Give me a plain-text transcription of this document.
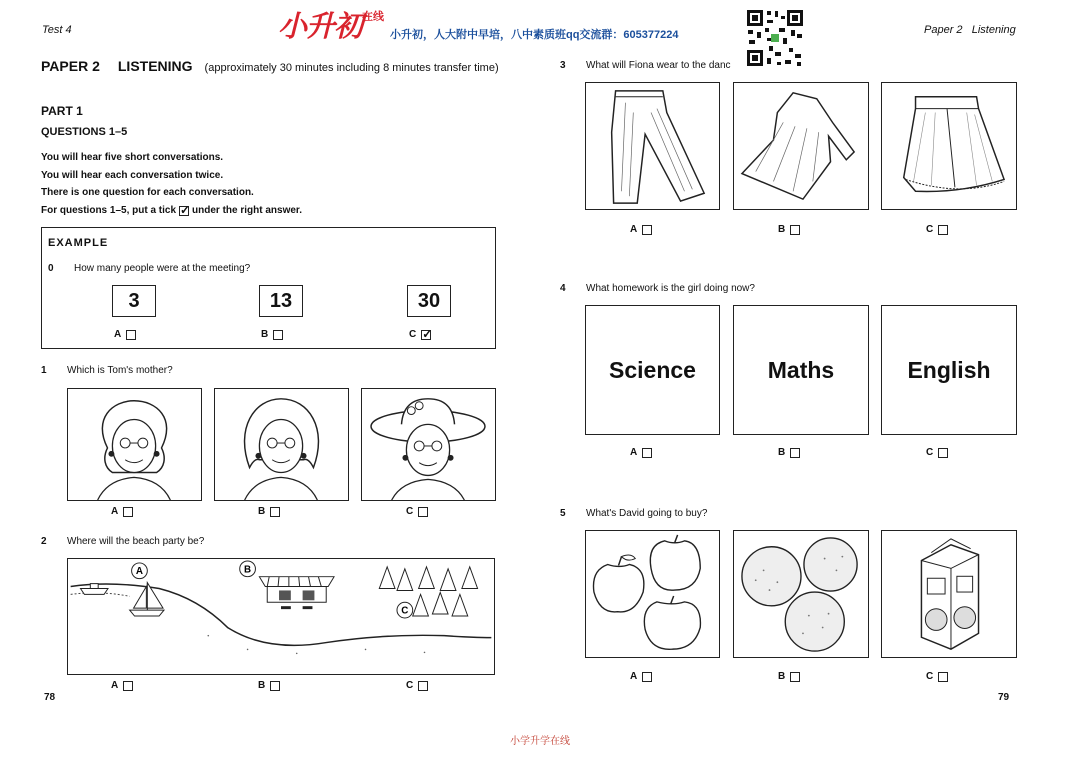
Test 4	小升初 在线
小升初，人大附中早培，八中素质班qq交流群：605377224	Paper 2 Listening
PAPER 2 LISTENING (approximately 30 minutes including 8 minutes transfer time)
PART 1
QUESTIONS 1–5
You will hear five short conversations.
You will hear each conversation twice.
There is one question for each conversation.
For questions 1–5, put a tick
✓ under the right answer.
EXAMPLE
0 How many people were at the meeting?
3	13	30
A	B	C
✓
1 Which is Tom's mother?
A	B	C
2 Where will the beach party be?
A	B
C
A	B	C
78
3 What will Fiona wear to the danc
A	B	C
4 What homework is the girl doing now?
Science	Maths	English
A	B	C
5 What's David going to buy?
A	B	C
79
小学升学在线
